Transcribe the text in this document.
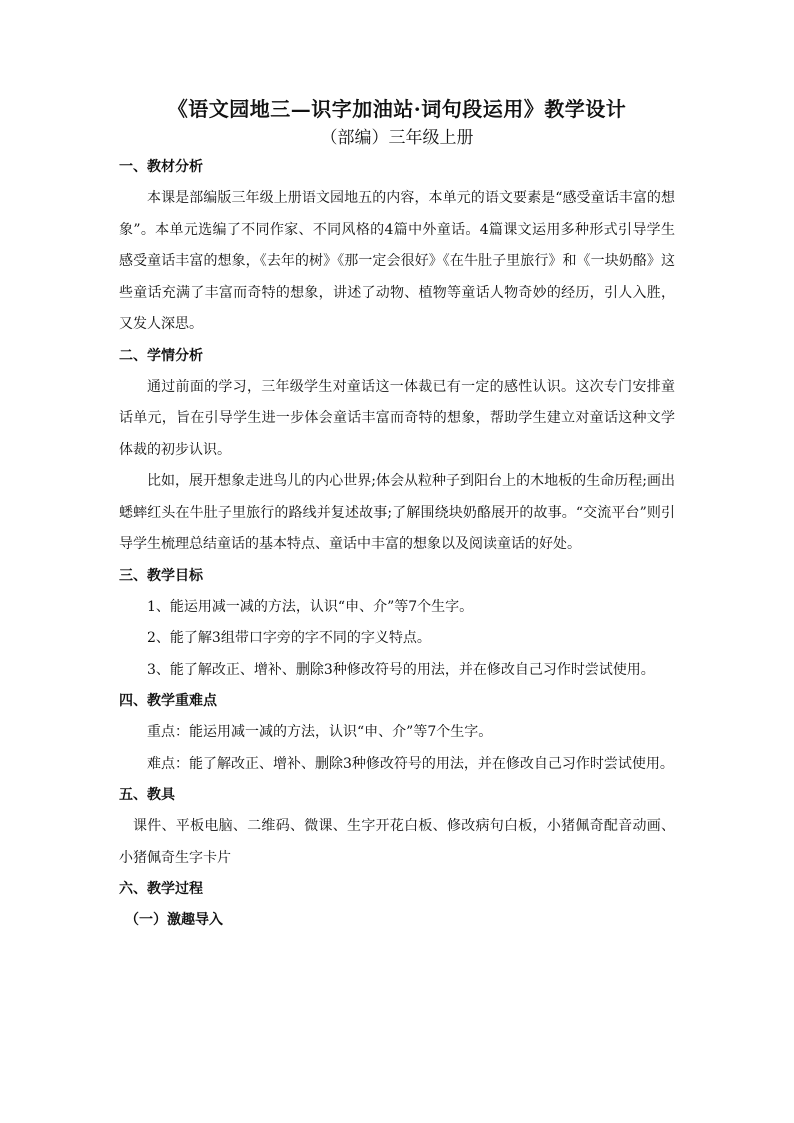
《语文园地三—识字加油站·词句段运用》教学设计
（部编）三年级上册
一、教材分析

本课是部编版三年级上册语文园地五的内容，本单元的语文要素是“感受童话丰富的想象”。本单元选编了不同作家、不同风格的4篇中外童话。4篇课文运用多种形式引导学生感受童话丰富的想象，《去年的树》《那一定会很好》《在牛肚子里旅行》和《一块奶酪》这些童话充满了丰富而奇特的想象，讲述了动物、植物等童话人物奇妙的经历，引人入胜，又发人深思。

二、学情分析

通过前面的学习，三年级学生对童话这一体裁已有一定的感性认识。这次专门安排童话单元，旨在引导学生进一步体会童话丰富而奇特的想象，帮助学生建立对童话这种文学体裁的初步认识。

比如，展开想象走进鸟儿的内心世界;体会从粒种子到阳台上的木地板的生命历程;画出蟋蟀红头在牛肚子里旅行的路线并复述故事;了解围绕块奶酪展开的故事。“交流平台”则引导学生梳理总结童话的基本特点、童话中丰富的想象以及阅读童话的好处。

三、教学目标

1、能运用减一减的方法，认识“申、介”等7个生字。

2、能了解3组带口字旁的字不同的字义特点。

3、能了解改正、增补、删除3种修改符号的用法，并在修改自己习作时尝试使用。

四、教学重难点

重点：能运用减一减的方法，认识“申、介”等7个生字。

难点：能了解改正、增补、删除3种修改符号的用法，并在修改自己习作时尝试使用。

五、教具

课件、平板电脑、二维码、微课、生字开花白板、修改病句白板，小猪佩奇配音动画、小猪佩奇生字卡片

六、教学过程
（一）激趣导入
